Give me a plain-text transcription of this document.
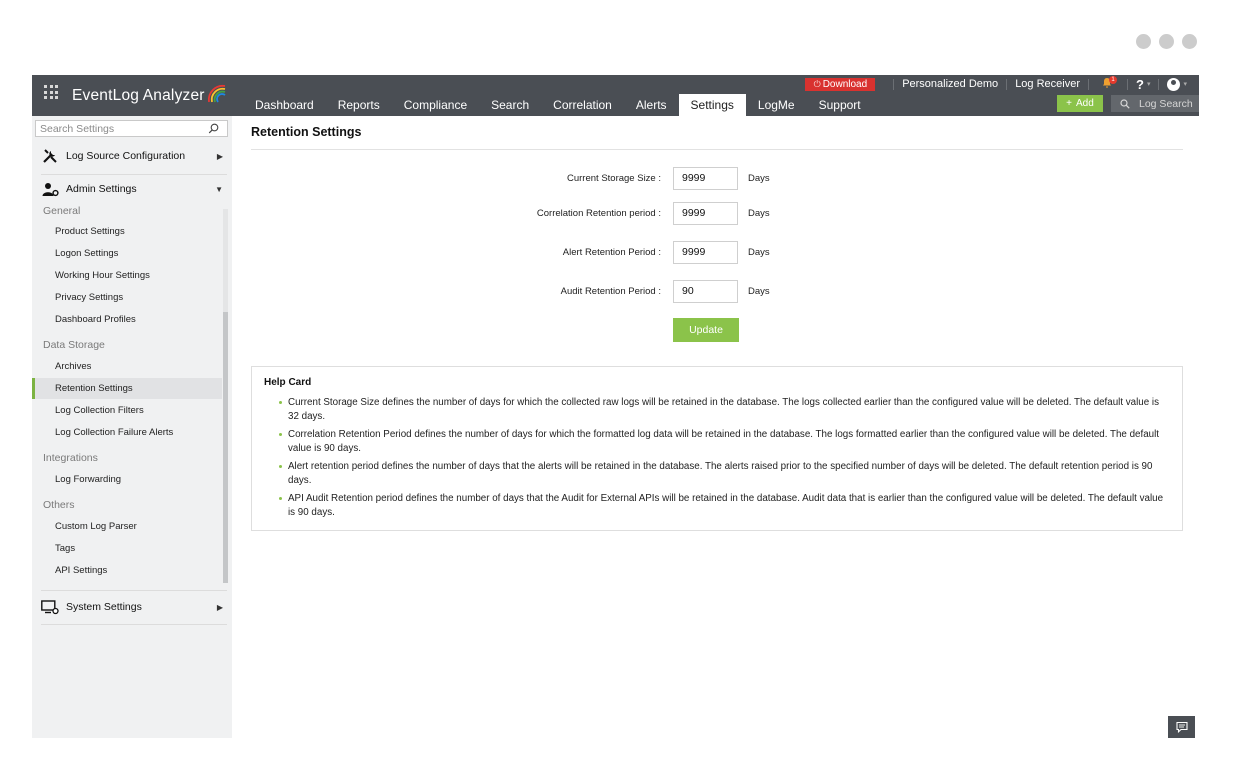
EventLog Analyzer
Dashboard	Reports	Compliance	Search	Correlation	Alerts	Settings	LogMe	Support
⏻ Download	Personalized Demo Log Receiver	1 ? ▾	▾
+ Add	Log Search
Search Settings
Log Source Configuration	▶
Admin Settings	▼
General
Product Settings
Logon Settings
Working Hour Settings
Privacy Settings
Dashboard Profiles
Data Storage
Archives
Retention Settings
Log Collection Filters
Log Collection Failure Alerts
Integrations
Log Forwarding
Others
Custom Log Parser
Tags
API Settings
System Settings	▶
Retention Settings
Current Storage Size :
9999	Days
Correlation Retention period :
9999	Days
Alert Retention Period :
9999	Days
Audit Retention Period :
90	Days
Update
Help Card
Current Storage Size defines the number of days for which the collected raw logs will be retained in the database. The logs collected earlier than the configured value will be deleted. The default value is 32 days.
Correlation Retention Period defines the number of days for which the formatted log data will be retained in the database. The logs formatted earlier than the configured value will be deleted. The default value is 90 days.
Alert retention period defines the number of days that the alerts will be retained in the database. The alerts raised prior to the specified number of days will be deleted. The default retention period is 90 days.
API Audit Retention period defines the number of days that the Audit for External APIs will be retained in the database. Audit data that is earlier than the configured value will be deleted. The default value is 90 days.
